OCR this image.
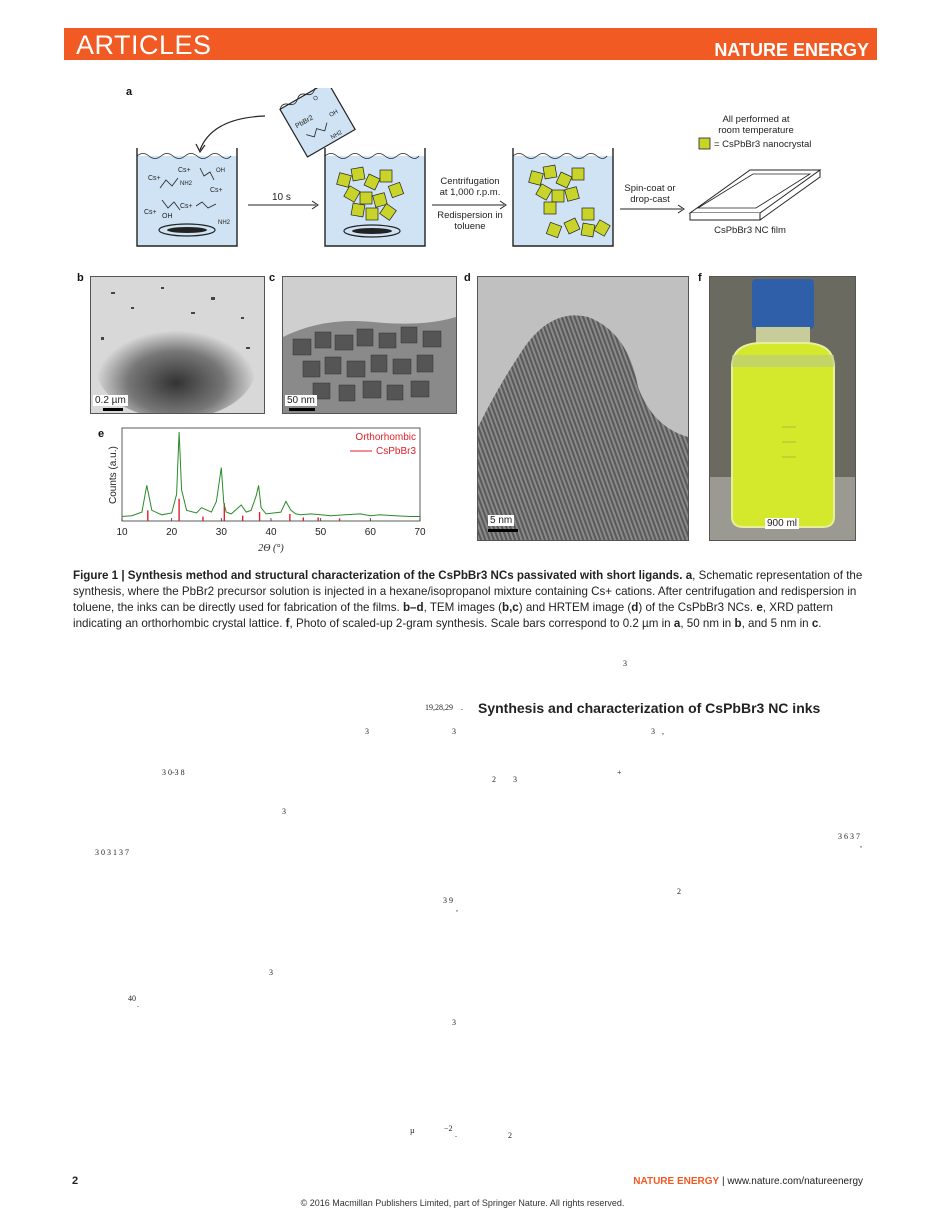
ARTICLES	NATURE ENERGY
a
Cs+
Cs+
Cs+
Cs+
Cs+
OH
OH
NH2
NH2
PbBr2
OH
O
NH2
10 s
Centrifugation
at 1,000 r.p.m.
Redispersion in
toluene
Spin-coat or
drop-cast
All performed at
room temperature
= CsPbBr3 nanocrystal
CsPbBr3 NC film
b
0.2 µm
c
50 nm
d
5 nm
f
900 ml
e
Counts (a.u.)
2Θ (°)
Orthorhombic
CsPbBr3
10	20	30	40	50	60	70
Figure 1 | Synthesis method and structural characterization of the CsPbBr3 NCs passivated with short ligands. a, Schematic representation of the synthesis, where the PbBr2 precursor solution is injected in a hexane/isopropanol mixture containing Cs+ cations. After centrifugation and redispersion in toluene, the inks can be directly used for fabrication of the films. b–d, TEM images (b,c) and HRTEM image (d) of the CsPbBr3 NCs. e, XRD pattern indicating an orthorhombic crystal lattice. f, Photo of scaled-up 2-gram synthesis. Scale bars correspond to 0.2 µm in a, 50 nm in b, and 5 nm in c.
Synthesis and characterization of CsPbBr3 NC inks
3
19,28,29 .
3	3	3 ,
3 0-3 8	+
2 3
3
3 6 3 7
,
3 0 3 1 3 7
2
3 9
,
3
40
.
3
µ	−2
.	2
2	NATURE ENERGY | www.nature.com/natureenergy
© 2016 Macmillan Publishers Limited, part of Springer Nature. All rights reserved.
